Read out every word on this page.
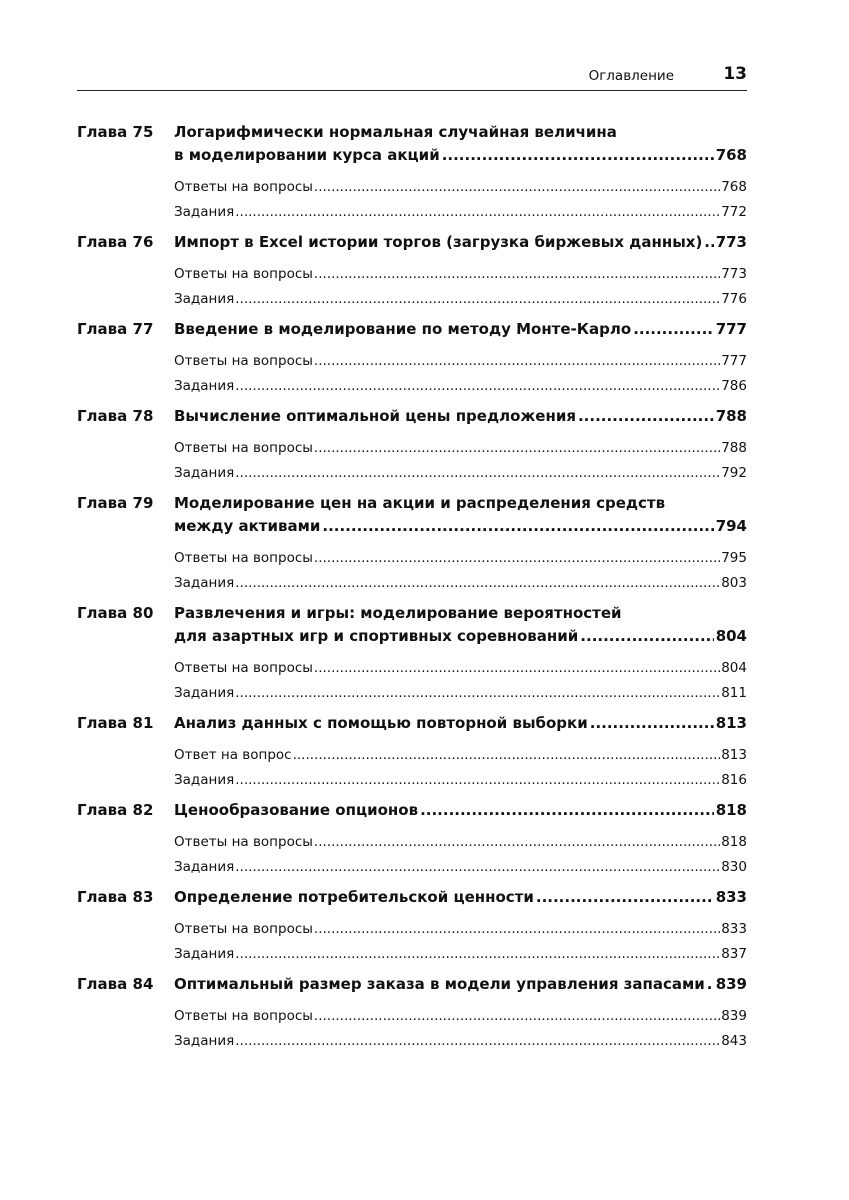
Оглавление	13
Глава 75 Логарифмически нормальная случайная величина
в моделировании курса акций .....	768
Ответы на вопросы .....	768
Задания .....	772
Глава 76 Импорт в Excel истории торгов (загрузка биржевых данных) ..... 773
Ответы на вопросы .....	773
Задания .....	776
Глава 77 Введение в моделирование по методу Монте-Карло .....	777
Ответы на вопросы .....	777
Задания .....	786
Глава 78 Вычисление оптимальной цены предложения .....	788
Ответы на вопросы .....	788
Задания .....	792
Глава 79 Моделирование цен на акции и распределения средств
между активами .....	794
Ответы на вопросы .....	795
Задания .....	803
Глава 80 Развлечения и игры: моделирование вероятностей
для азартных игр и спортивных соревнований .....	804
Ответы на вопросы .....	804
Задания .....	811
Глава 81 Анализ данных с помощью повторной выборки .....	813
Ответ на вопрос .....	813
Задания .....	816
Глава 82 Ценообразование опционов .....	818
Ответы на вопросы .....	818
Задания .....	830
Глава 83 Определение потребительской ценности .....	833
Ответы на вопросы .....	833
Задания .....	837
Глава 84 Оптимальный размер заказа в модели управления запасами ..... 839
Ответы на вопросы .....	839
Задания .....	843
